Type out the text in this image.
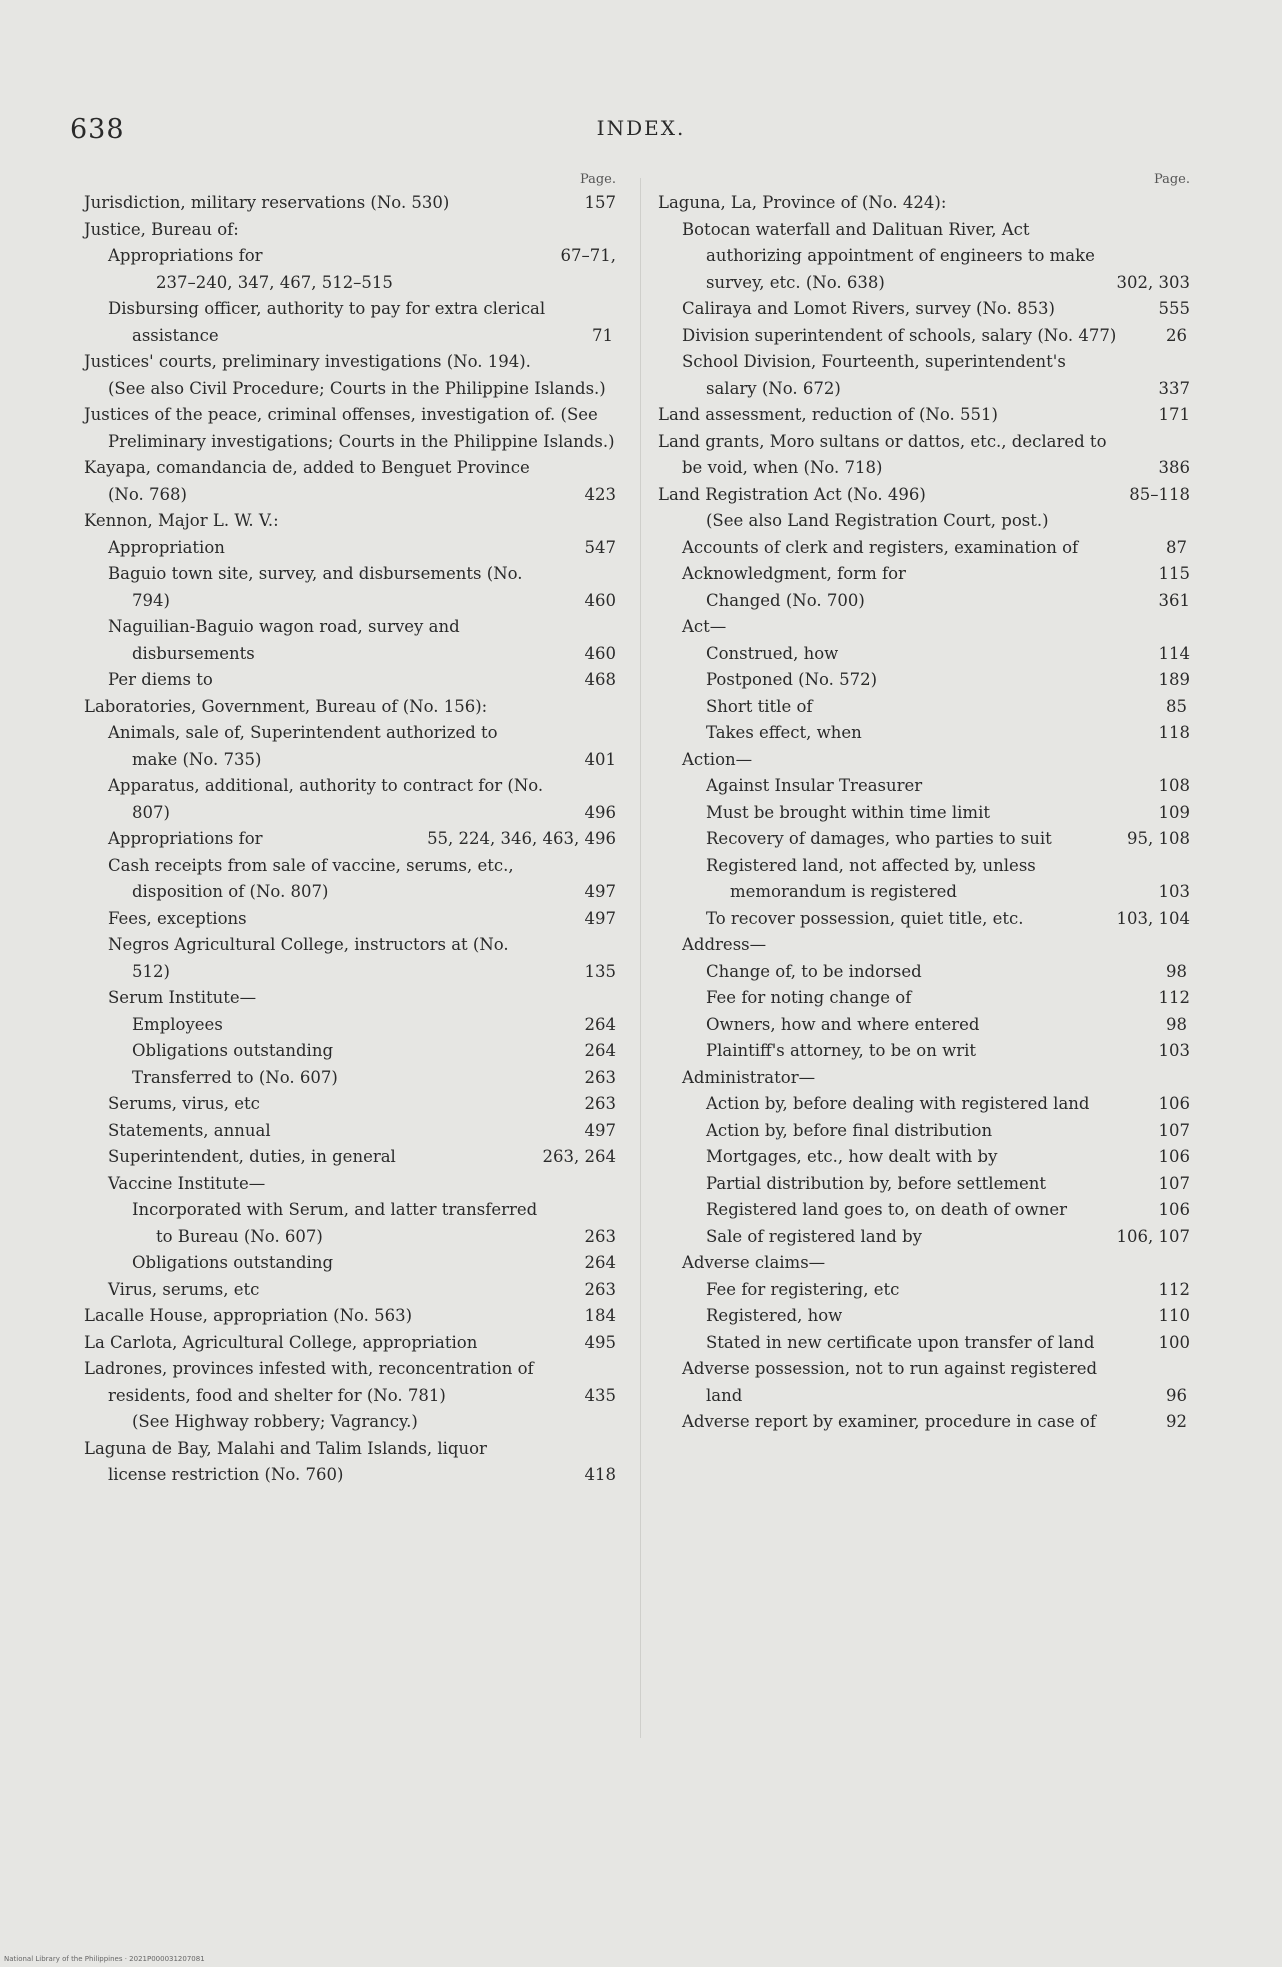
638	INDEX.
Page.
Jurisdiction, military reservations (No. 530)	157
Justice, Bureau of:
Appropriations for	67–71,
237–240, 347, 467, 512–515
Disbursing officer, authority to pay for extra clerical assistance	71
Justices' courts, preliminary investigations (No. 194).
(See also Civil Procedure; Courts in the Philippine Islands.)
Justices of the peace, criminal offenses, investigation of. (See Preliminary investigations; Courts in the Philippine Islands.)
Kayapa, comandancia de, added to Benguet Province (No. 768)	423
Kennon, Major L. W. V.:
Appropriation	547
Baguio town site, survey, and disbursements (No. 794)	460
Naguilian-Baguio wagon road, survey and disbursements	460
Per diems to	468
Laboratories, Government, Bureau of (No. 156):
Animals, sale of, Superintendent authorized to make (No. 735)	401
Apparatus, additional, authority to contract for (No. 807)	496
Appropriations for	55, 224, 346, 463, 496
Cash receipts from sale of vaccine, serums, etc., disposition of (No. 807)	497
Fees, exceptions	497
Negros Agricultural College, instructors at (No. 512)	135
Serum Institute—
Employees	264
Obligations outstanding	264
Transferred to (No. 607)	263
Serums, virus, etc	263
Statements, annual	497
Superintendent, duties, in general	263, 264
Vaccine Institute—
Incorporated with Serum, and latter transferred to Bureau (No. 607)	263
Obligations outstanding	264
Virus, serums, etc	263
Lacalle House, appropriation (No. 563)	184
La Carlota, Agricultural College, appropriation	495
Ladrones, provinces infested with, reconcentration of residents, food and shelter for (No. 781)	435
(See Highway robbery; Vagrancy.)
Laguna de Bay, Malahi and Talim Islands, liquor license restriction (No. 760)	418
Page.
Laguna, La, Province of (No. 424):
Botocan waterfall and Dalituan River, Act authorizing appointment of engineers to make survey, etc. (No. 638)	302, 303
Caliraya and Lomot Rivers, survey (No. 853)	555
Division superintendent of schools, salary (No. 477)	26
School Division, Fourteenth, superintendent's salary (No. 672)	337
Land assessment, reduction of (No. 551)	171
Land grants, Moro sultans or dattos, etc., declared to be void, when (No. 718)	386
Land Registration Act (No. 496)	85–118
(See also Land Registration Court, post.)
Accounts of clerk and registers, examination of	87
Acknowledgment, form for	115
Changed (No. 700)	361
Act—
Construed, how	114
Postponed (No. 572)	189
Short title of	85
Takes effect, when	118
Action—
Against Insular Treasurer	108
Must be brought within time limit	109
Recovery of damages, who parties to suit	95, 108
Registered land, not affected by, unless memorandum is registered	103
To recover possession, quiet title, etc.	103, 104
Address—
Change of, to be indorsed	98
Fee for noting change of	112
Owners, how and where entered	98
Plaintiff's attorney, to be on writ	103
Administrator—
Action by, before dealing with registered land	106
Action by, before final distribution	107
Mortgages, etc., how dealt with by	106
Partial distribution by, before settlement	107
Registered land goes to, on death of owner	106
Sale of registered land by	106, 107
Adverse claims—
Fee for registering, etc	112
Registered, how	110
Stated in new certificate upon transfer of land	100
Adverse possession, not to run against registered land	96
Adverse report by examiner, procedure in case of	92
National Library of the Philippines · 2021P000031207081
